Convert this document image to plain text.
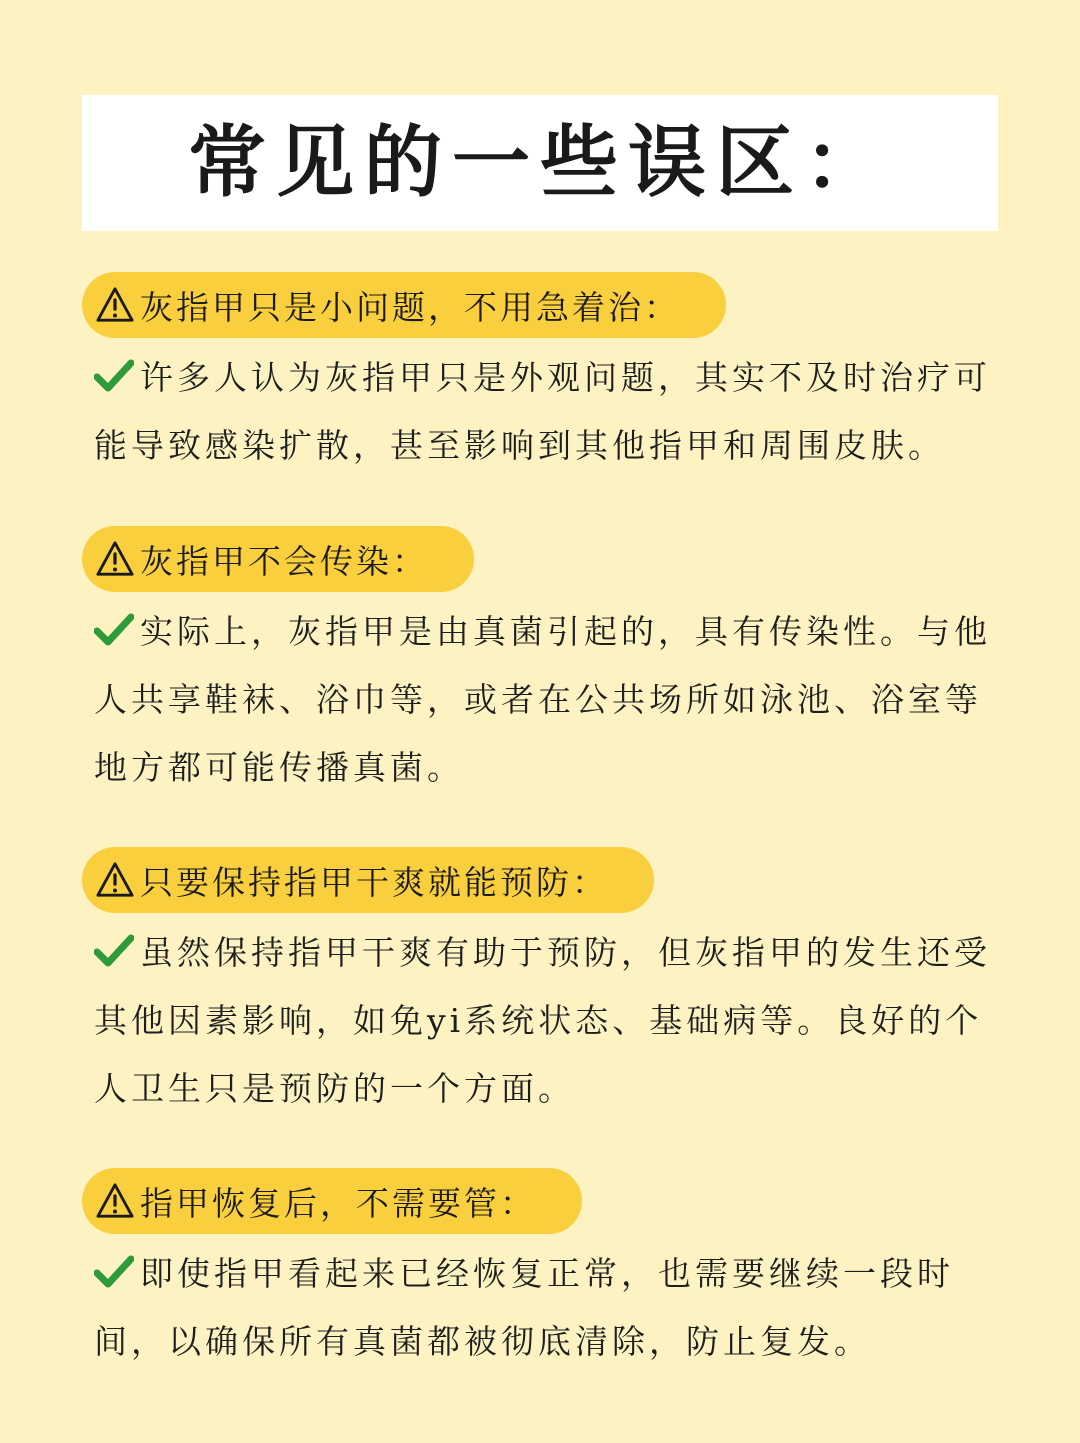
常见的一些误区：
灰指甲只是小问题，不用急着治：
许多人认为灰指甲只是外观问题，其实不及时治疗可能导致感染扩散，甚至影响到其他指甲和周围皮肤。
灰指甲不会传染：
实际上，灰指甲是由真菌引起的，具有传染性。与他人共享鞋袜、浴巾等，或者在公共场所如泳池、浴室等地方都可能传播真菌。
只要保持指甲干爽就能预防：
虽然保持指甲干爽有助于预防，但灰指甲的发生还受其他因素影响，如免yi系统状态、基础病等。良好的个人卫生只是预防的一个方面。
指甲恢复后，不需要管：
即使指甲看起来已经恢复正常，也需要继续一段时间，以确保所有真菌都被彻底清除，防止复发。
